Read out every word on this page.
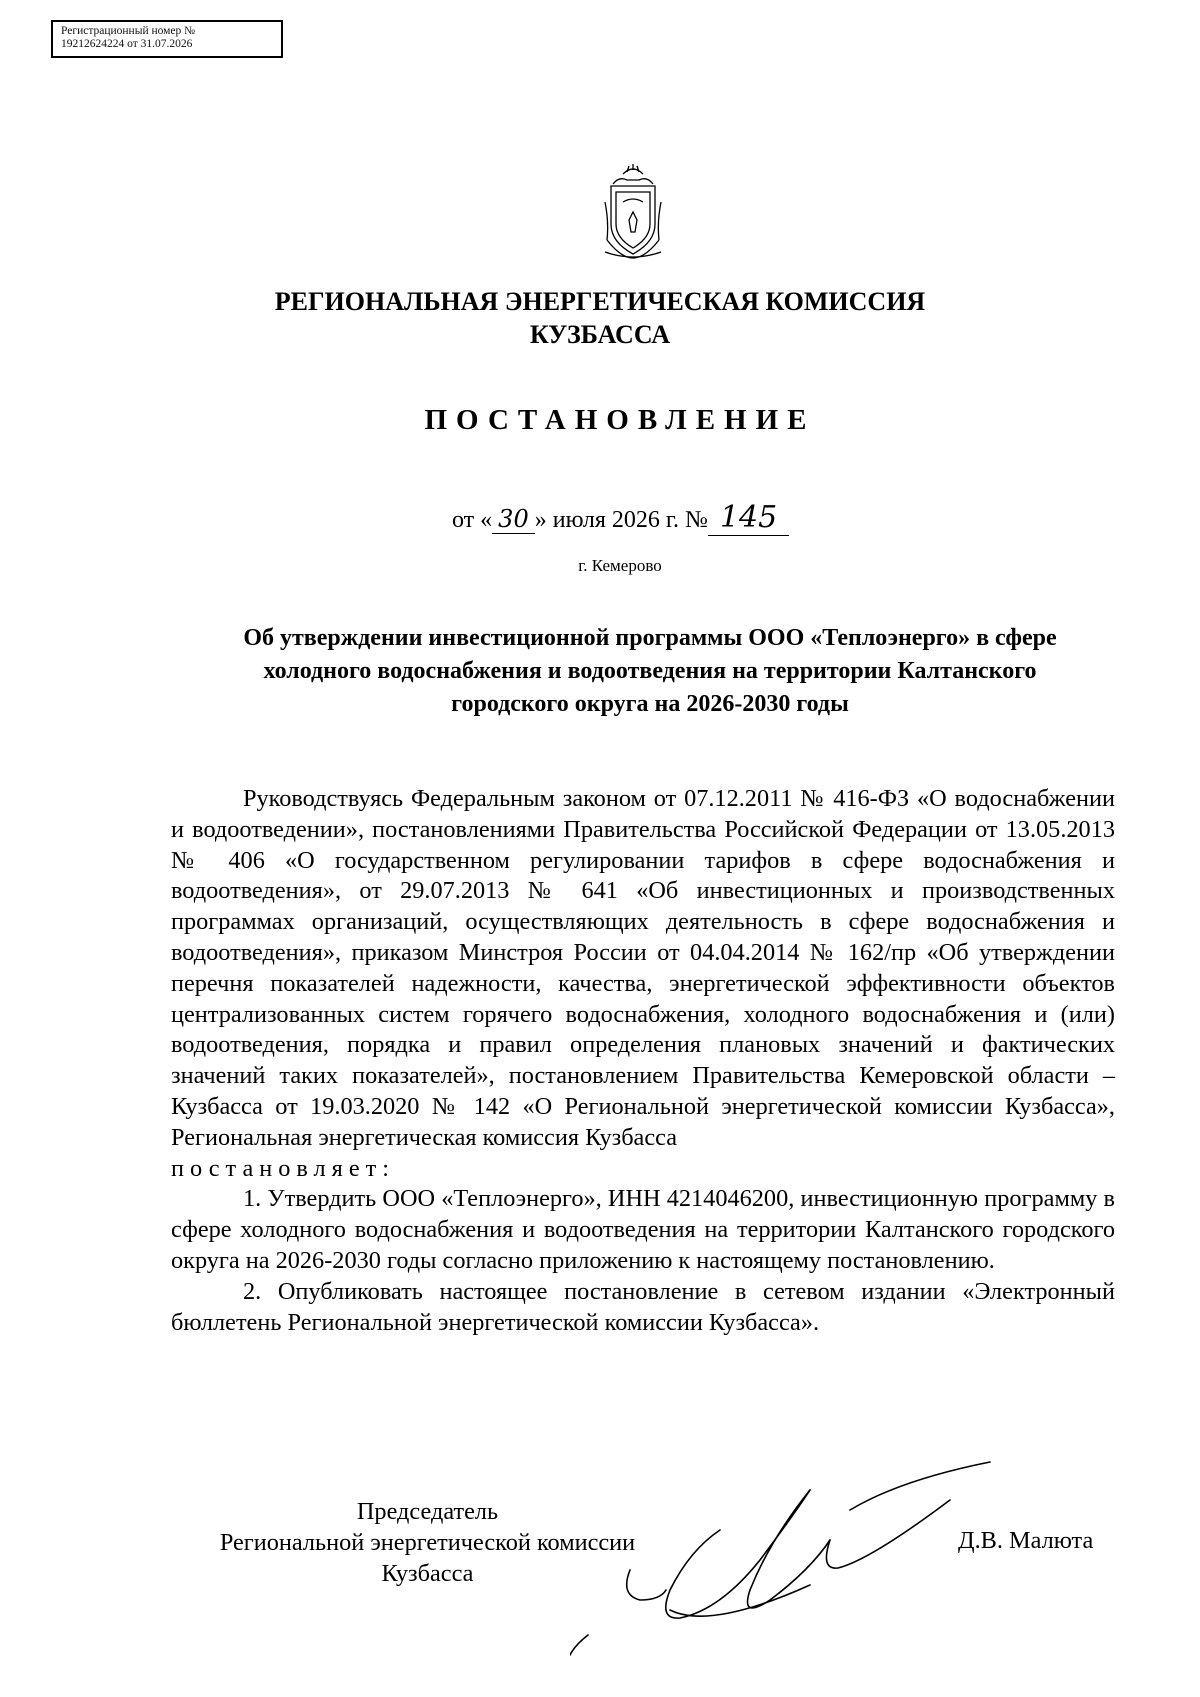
Регистрационный номер №
19212624224 от 31.07.2026
РЕГИОНАЛЬНАЯ ЭНЕРГЕТИЧЕСКАЯ КОМИССИЯ
КУЗБАССА
ПОСТАНОВЛЕНИЕ
от « 30 » июля 2026 г. № 145
г. Кемерово
Об утверждении инвестиционной программы ООО «Теплоэнерго» в сфере
холодного водоснабжения и водоотведения на территории Калтанского
городского округа на 2026-2030 годы

Руководствуясь Федеральным законом от 07.12.2011 № 416-ФЗ «О водоснабжении и водоотведении», постановлениями Правительства Российской Федерации от 13.05.2013 № 406 «О государственном регулировании тарифов в сфере водоснабжения и водоотведения», от 29.07.2013 № 641 «Об инвестиционных и производственных программах организаций, осуществляющих деятельность в сфере водоснабжения и водоотведения», приказом Минстроя России от 04.04.2014 № 162/пр «Об утверждении перечня показателей надежности, качества, энергетической эффективности объектов централизованных систем горячего водоснабжения, холодного водоснабжения и (или) водоотведения, порядка и правил определения плановых значений и фактических значений таких показателей», постановлением Правительства Кемеровской области – Кузбасса от 19.03.2020 № 142 «О Региональной энергетической комиссии Кузбасса», Региональная энергетическая комиссия Кузбасса
постановляет:

1. Утвердить ООО «Теплоэнерго», ИНН 4214046200, инвестиционную программу в сфере холодного водоснабжения и водоотведения на территории Калтанского городского округа на 2026-2030 годы согласно приложению к настоящему постановлению.

2. Опубликовать настоящее постановление в сетевом издании «Электронный бюллетень Региональной энергетической комиссии Кузбасса».

Председатель
Региональной энергетической комиссии
Кузбасса
Д.В. Малюта
